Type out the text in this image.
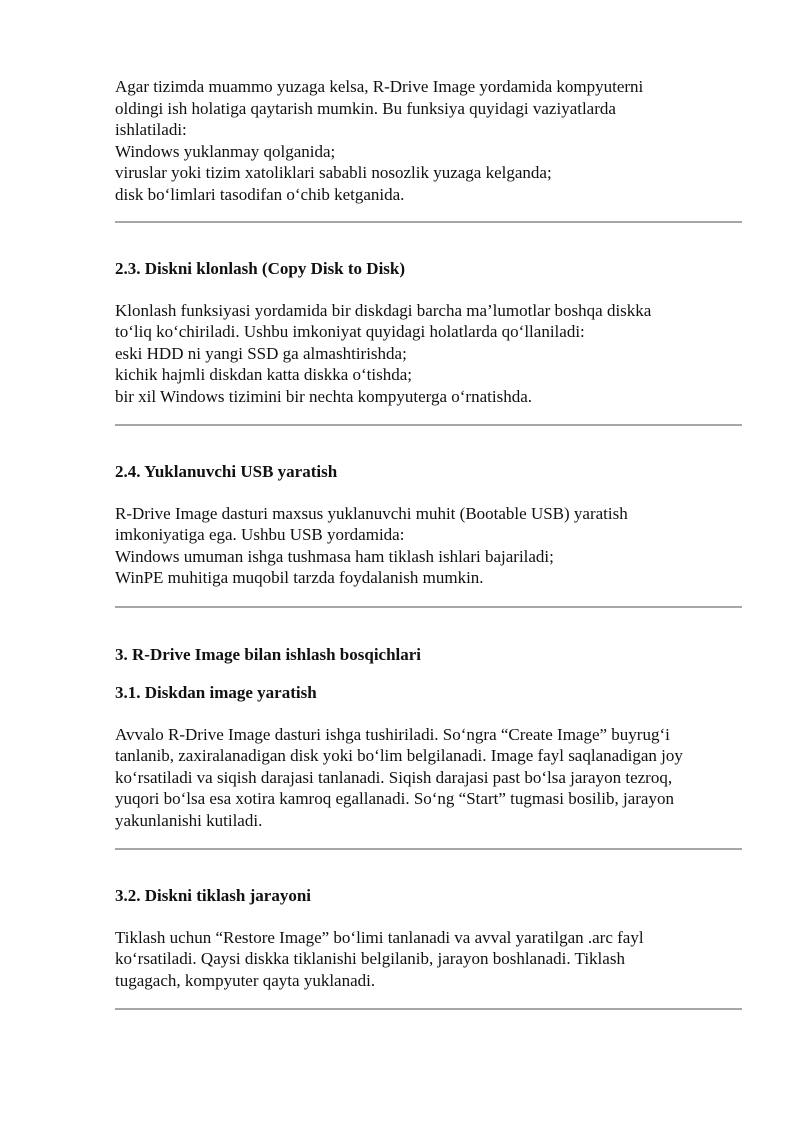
Agar tizimda muammo yuzaga kelsa, R-Drive Image yordamida kompyuterni
oldingi ish holatiga qaytarish mumkin. Bu funksiya quyidagi vaziyatlarda
ishlatiladi:
Windows yuklanmay qolganida;
viruslar yoki tizim xatoliklari sababli nosozlik yuzaga kelganda;
disk bo‘limlari tasodifan o‘chib ketganida.
2.3. Diskni klonlash (Copy Disk to Disk)
Klonlash funksiyasi yordamida bir diskdagi barcha ma’lumotlar boshqa diskka
to‘liq ko‘chiriladi. Ushbu imkoniyat quyidagi holatlarda qo‘llaniladi:
eski HDD ni yangi SSD ga almashtirishda;
kichik hajmli diskdan katta diskka o‘tishda;
bir xil Windows tizimini bir nechta kompyuterga o‘rnatishda.
2.4. Yuklanuvchi USB yaratish
R-Drive Image dasturi maxsus yuklanuvchi muhit (Bootable USB) yaratish
imkoniyatiga ega. Ushbu USB yordamida:
Windows umuman ishga tushmasa ham tiklash ishlari bajariladi;
WinPE muhitiga muqobil tarzda foydalanish mumkin.
3. R-Drive Image bilan ishlash bosqichlari
3.1. Diskdan image yaratish
Avvalo R-Drive Image dasturi ishga tushiriladi. So‘ngra “Create Image” buyrug‘i
tanlanib, zaxiralanadigan disk yoki bo‘lim belgilanadi. Image fayl saqlanadigan joy
ko‘rsatiladi va siqish darajasi tanlanadi. Siqish darajasi past bo‘lsa jarayon tezroq,
yuqori bo‘lsa esa xotira kamroq egallanadi. So‘ng “Start” tugmasi bosilib, jarayon
yakunlanishi kutiladi.
3.2. Diskni tiklash jarayoni
Tiklash uchun “Restore Image” bo‘limi tanlanadi va avval yaratilgan .arc fayl
ko‘rsatiladi. Qaysi diskka tiklanishi belgilanib, jarayon boshlanadi. Tiklash
tugagach, kompyuter qayta yuklanadi.
